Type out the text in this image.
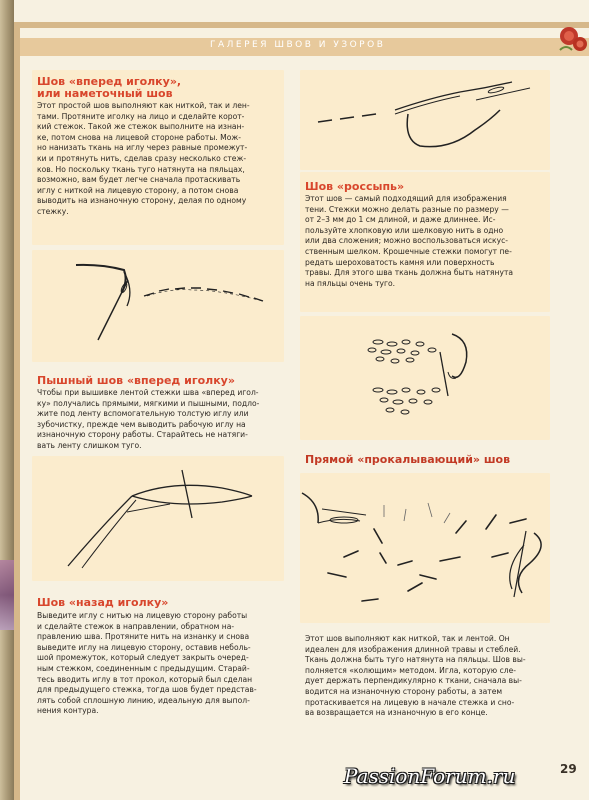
ГАЛЕРЕЯ ШВОВ И УЗОРОВ
Шов «вперед иголку»,
или наметочный шов
Этот простой шов выполняют как ниткой, так и лен-
тами. Протяните иголку на лицо и сделайте корот-
кий стежок. Такой же стежок выполните на изнан-
ке, потом снова на лицевой стороне работы. Мож-
но нанизать ткань на иглу через равные промежут-
ки и протянуть нить, сделав сразу несколько стеж-
ков. Но поскольку ткань туго натянута на пяльцах,
возможно, вам будет легче сначала протаскивать
иглу с ниткой на лицевую сторону, а потом снова
выводить на изнаночную сторону, делая по одному
стежку.
Пышный шов «вперед иголку»
Чтобы при вышивке лентой стежки шва «вперед игол-
ку» получались прямыми, мягкими и пышными, подло-
жите под ленту вспомогательную толстую иглу или
зубочистку, прежде чем выводить рабочую иглу на
изнаночную сторону работы. Старайтесь не натяги-
вать ленту слишком туго.
Шов «назад иголку»
Выведите иглу с нитью на лицевую сторону работы
и сделайте стежок в направлении, обратном на-
правлению шва. Протяните нить на изнанку и снова
выведите иглу на лицевую сторону, оставив неболь-
шой промежуток, который следует закрыть очеред-
ным стежком, соединенным с предыдущим. Старай-
тесь вводить иглу в тот прокол, который был сделан
для предыдущего стежка, тогда шов будет представ-
лять собой сплошную линию, идеальную для выпол-
нения контура.
Шов «россыпь»
Этот шов — самый подходящий для изображения
тени. Стежки можно делать разные по размеру —
от 2–3 мм до 1 см длиной, и даже длиннее. Ис-
пользуйте хлопковую или шелковую нить в одно
или два сложения; можно воспользоваться искус-
ственным шелком. Крошечные стежки помогут пе-
редать шероховатость камня или поверхность
травы. Для этого шва ткань должна быть натянута
на пяльцы очень туго.
Прямой «прокалывающий» шов
Этот шов выполняют как ниткой, так и лентой. Он
идеален для изображения длинной травы и стеблей.
Ткань должна быть туго натянута на пяльцы. Шов вы-
полняется «колющим» методом. Игла, которую сле-
дует держать перпендикулярно к ткани, сначала вы-
водится на изнаночную сторону работы, а затем
протаскивается на лицевую в начале стежка и сно-
ва возвращается на изнаночную в его конце.
29
PassionForum.ru
